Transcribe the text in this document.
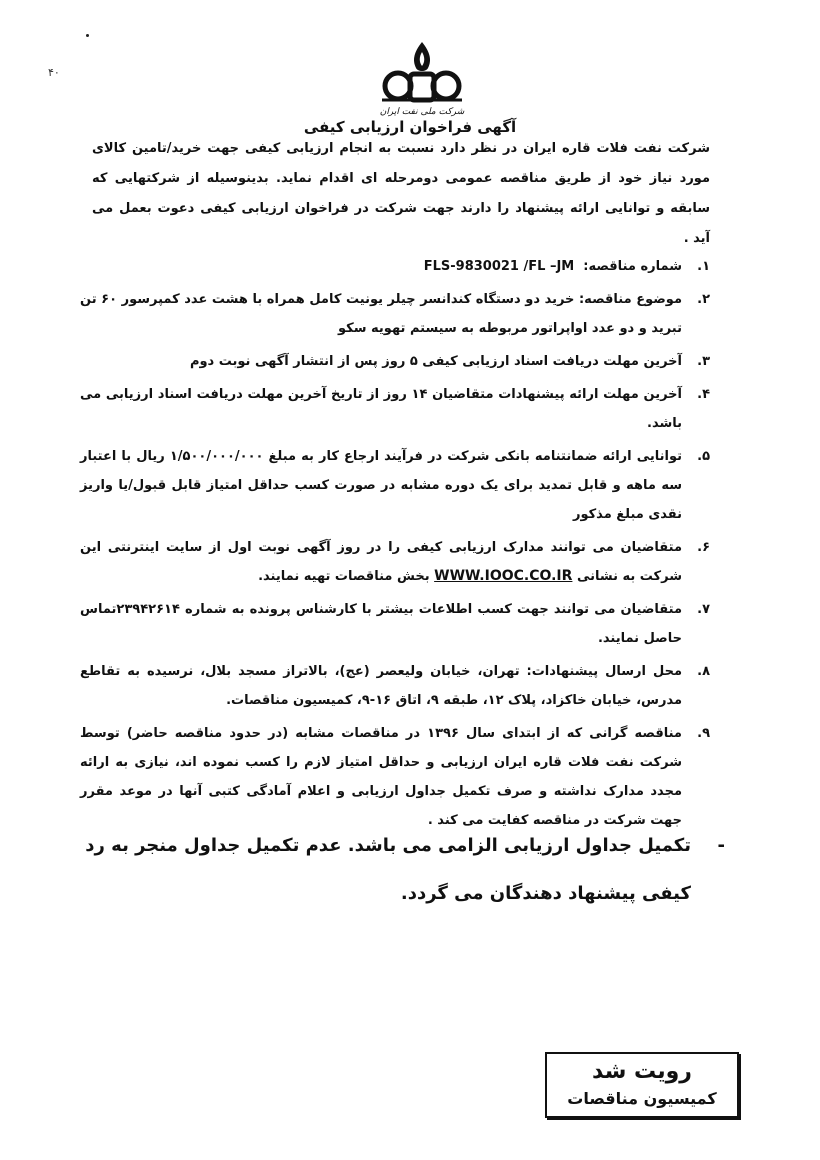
۴۰
شرکت ملی نفت ایران
آگهی فراخوان ارزیابی کیفی
شرکت نفت فلات قاره ایران در نظر دارد نسبت به انجام ارزیابی کیفی جهت خرید/تامین کالای مورد نیاز خود از طریق مناقصه عمومی دومرحله ای اقدام نماید. بدینوسیله از شرکتهایی که سابقه و توانایی ارائه پیشنهاد را دارند جهت شرکت در فراخوان ارزیابی کیفی دعوت بعمل می آید .
۱.
شماره مناقصه:  FLS-9830021 /FL –JM
۲.
موضوع مناقصه: خرید دو دستگاه کندانسر چیلر یونیت کامل همراه با هشت عدد کمپرسور ۶۰ تن تبرید و دو عدد اواپراتور مربوطه به سیستم تهویه سکو
۳.
آخرین مهلت دریافت اسناد ارزیابی کیفی ۵ روز پس از انتشار آگهی نوبت دوم
۴.
آخرین مهلت ارائه پیشنهادات متقاضیان ۱۴ روز از تاریخ آخرین مهلت دریافت اسناد ارزیابی می باشد.
۵.
توانایی ارائه ضمانتنامه بانکی شرکت در فرآیند ارجاع کار به مبلغ ۱/۵۰۰/۰۰۰/۰۰۰ ریال با اعتبار سه ماهه و قابل تمدید برای یک دوره مشابه در صورت کسب حداقل امتیاز قابل قبول/یا واریز نقدی مبلغ مذکور
۶.
متقاضیان می توانند مدارک ارزیابی کیفی را در روز آگهی نوبت اول از سایت اینترنتی این شرکت به نشانی WWW.IOOC.CO.IR بخش مناقصات تهیه نمایند.
۷.
متقاضیان می توانند جهت کسب اطلاعات بیشتر با کارشناس پرونده به شماره ۲۳۹۴۲۶۱۴تماس حاصل نمایند.
۸.
محل ارسال پیشنهادات: تهران، خیابان ولیعصر (عج)، بالاتراز مسجد بلال، نرسیده به تقاطع مدرس، خیابان خاکزاد، پلاک ۱۲، طبقه ۹، اتاق ۱۶-۹، کمیسیون مناقصات.
۹.
مناقصه گرانی که از ابتدای سال ۱۳۹۶ در مناقصات مشابه (در حدود مناقصه حاضر) توسط شرکت نفت فلات قاره ایران ارزیابی و حداقل امتیاز لازم را کسب نموده اند، نیازی به ارائه مجدد مدارک نداشته و صرف تکمیل جداول ارزیابی و اعلام آمادگی کتبی آنها در موعد مقرر جهت شرکت در مناقصه کفایت می کند .
-
تکمیل جداول ارزیابی الزامی می باشد. عدم تکمیل جداول منجر به رد کیفی پیشنهاد دهندگان می گردد.
رویت شد
کمیسیون مناقصات
